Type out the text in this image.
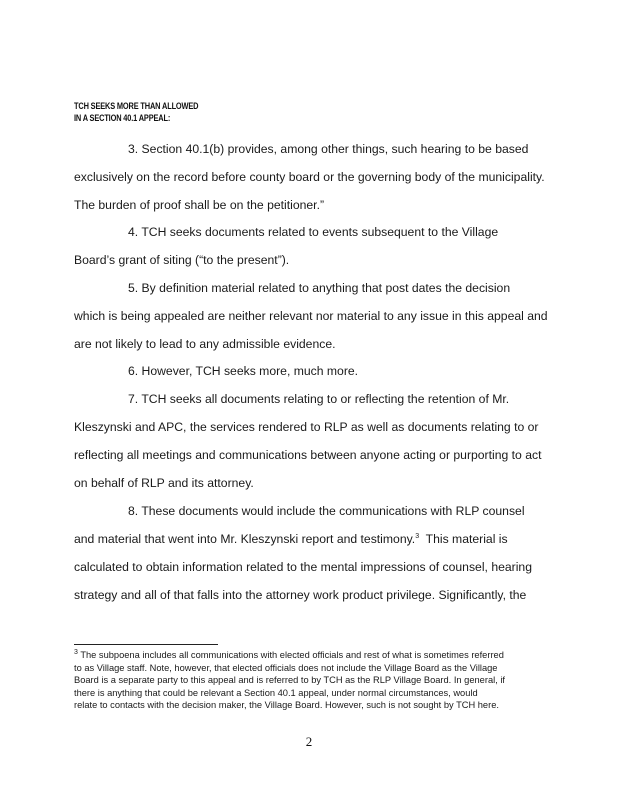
TCH SEEKS MORE THAN ALLOWED
IN A SECTION 40.1 APPEAL:
3. Section 40.1(b) provides, among other things, such hearing to be based
exclusively on the record before county board or the governing body of the municipality.
The burden of proof shall be on the petitioner.”
4. TCH seeks documents related to events subsequent to the Village
Board’s grant of siting (“to the present”).
5. By definition material related to anything that post dates the decision
which is being appealed are neither relevant nor material to any issue in this appeal and
are not likely to lead to any admissible evidence.
6. However, TCH seeks more, much more.
7. TCH seeks all documents relating to or reflecting the retention of Mr.
Kleszynski and APC, the services rendered to RLP as well as documents relating to or
reflecting all meetings and communications between anyone acting or purporting to act
on behalf of RLP and its attorney.
8. These documents would include the communications with RLP counsel
and material that went into Mr. Kleszynski report and testimony.$^3$  This material is
calculated to obtain information related to the mental impressions of counsel, hearing
strategy and all of that falls into the attorney work product privilege. Significantly, the
$^3$ The subpoena includes all communications with elected officials and rest of what is sometimes referred
to as Village staff. Note, however, that elected officials does not include the Village Board as the Village
Board is a separate party to this appeal and is referred to by TCH as the RLP Village Board. In general, if
there is anything that could be relevant a Section 40.1 appeal, under normal circumstances, would
relate to contacts with the decision maker, the Village Board. However, such is not sought by TCH here.
2
